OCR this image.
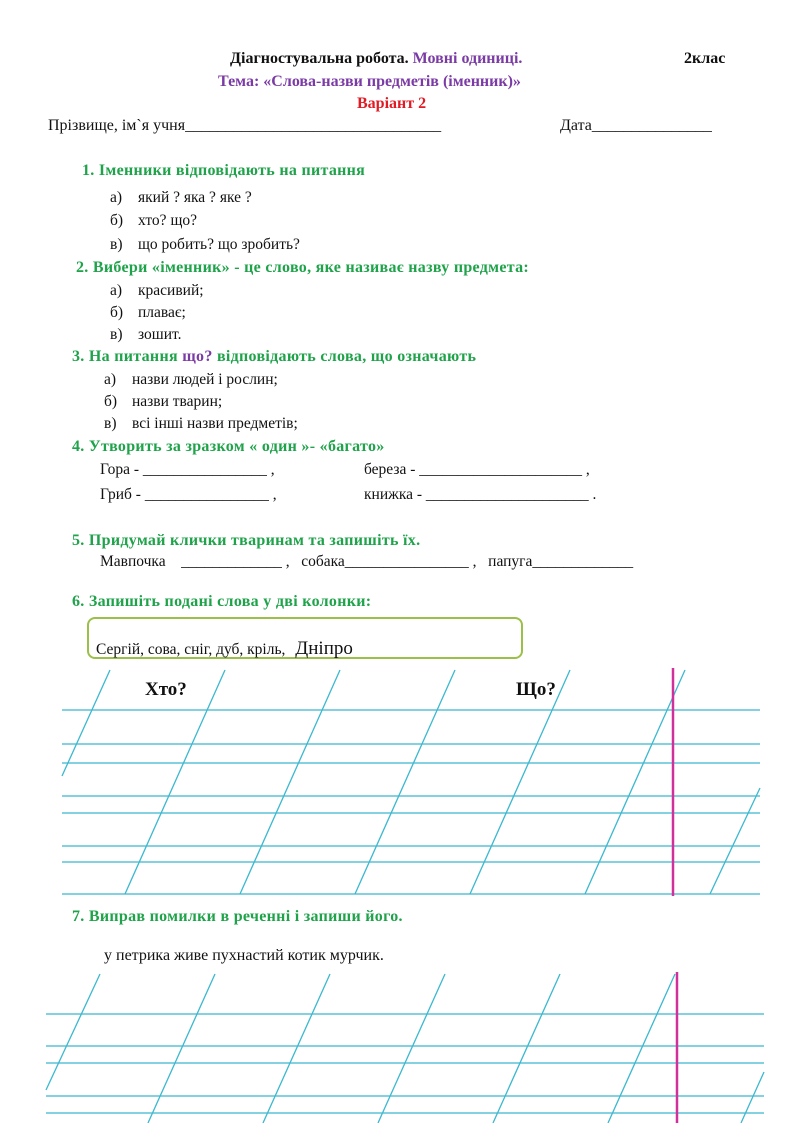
Діагностувальна робота. Мовні одиниці.	2клас
Тема: «Слова-назви предметів (іменник)»
Варіант 2
Прізвище, ім`я учня________________________________	Дата_______________
1. Іменники відповідають на питання
а) який ? яка ? яке ?
б) хто? що?
в) що робить? що зробить?
2. Вибери «іменник» - це слово, яке називає назву предмета:
а) красивий;
б) плаває;
в) зошит.
3. На питання що? відповідають слова, що означають
а) назви людей і рослин;
б) назви тварин;
в) всі інші назви предметів;
4. Утворить за зразком « один »- «багато»
Гора - ________________ ,	береза - _____________________ ,
Гриб - ________________ ,	книжка - _____________________ .
5. Придумай клички тваринам та запишіть їх.
Мавпочка    _____________ ,   собака________________ ,   папуга_____________
6. Запишіть подані слова у дві колонки:
Сергій, сова, сніг, дуб, кріль, Дніпро
Хто?	Що?
7. Виправ помилки в реченні і запиши його.
у петрика живе пухнастий котик мурчик.
